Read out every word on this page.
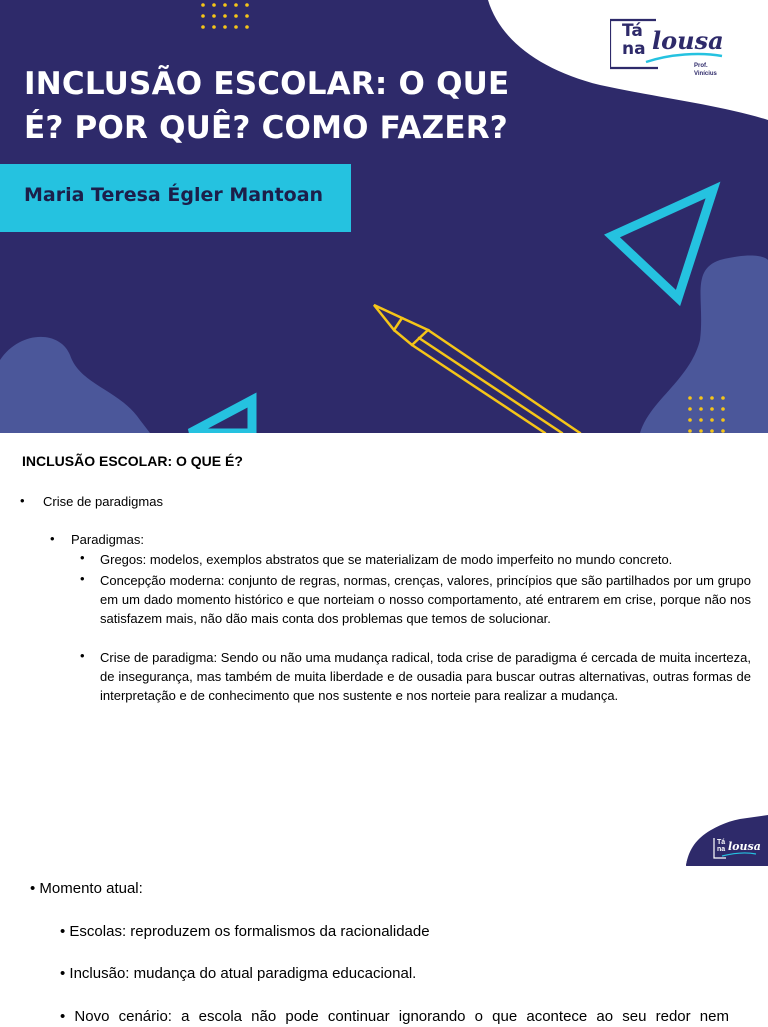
INCLUSÃO ESCOLAR: O QUE
É? POR QUÊ? COMO FAZER?

Maria Teresa Égler Mantoan

Tá
na lousa
Prof. Vinícius
INCLUSÃO ESCOLAR: O QUE É?
• Crise de paradigmas
• Paradigmas:
• Gregos: modelos, exemplos abstratos que se materializam de modo imperfeito no mundo concreto.

• Concepção moderna: conjunto de regras, normas, crenças, valores, princípios que são partilhados por um grupo em um dado momento histórico e que norteiam o nosso comportamento, até entrarem em crise, porque não nos satisfazem mais, não dão mais conta dos problemas que temos de solucionar.

• Crise de paradigma: Sendo ou não uma mudança radical, toda crise de paradigma é cercada de muita incerteza, de insegurança, mas também de muita liberdade e de ousadia para buscar outras alternativas, outras formas de interpretação e de conhecimento que nos sustente e nos norteie para realizar a mudança.

Tá
na lousa
• Momento atual:
• Escolas: reproduzem os formalismos da racionalidade
• Inclusão: mudança do atual paradigma educacional.
• Novo cenário: a escola não pode continuar ignorando o que acontece ao seu redor nem
